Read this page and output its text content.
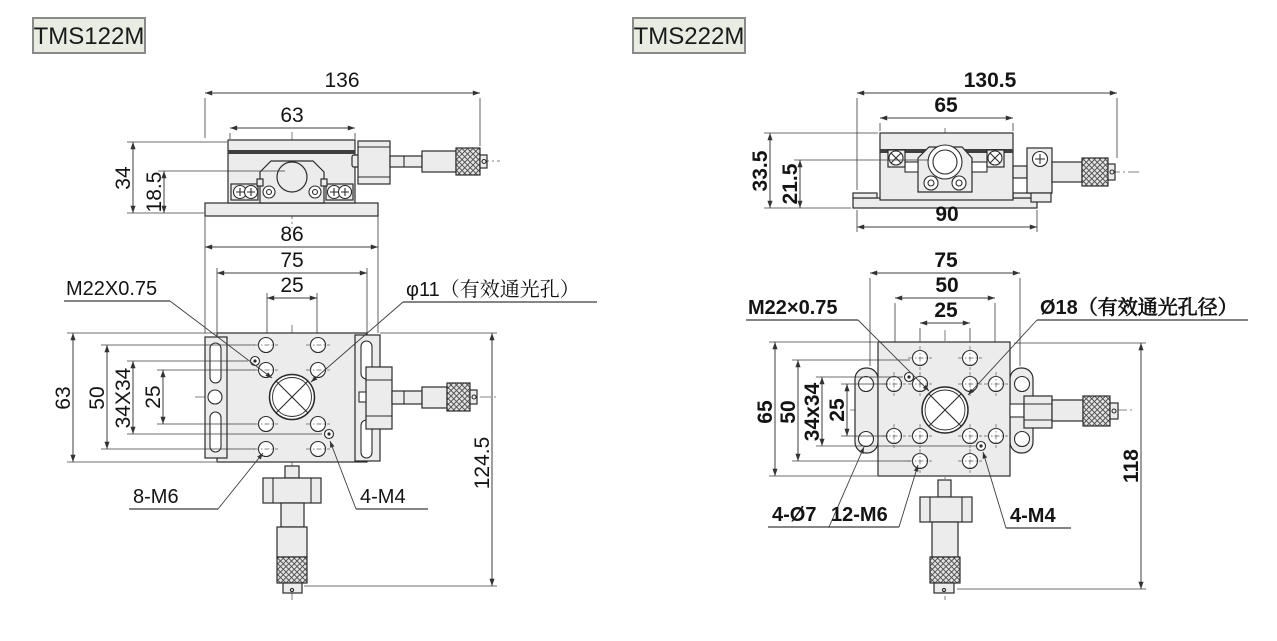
TMS122M
136
63
34 18.5
86
75
25
M22X0.75	φ11（有效通光孔）
8-M6	4-M4
63 50 34X34 25
124.5
TMS222M
130.5
65
33.5 21.5
90
75
50
25
M22×0.75	Ø18（有效通光孔径）
4-Ø7 12-M6	4-M4
65 50 34x34 25
118
